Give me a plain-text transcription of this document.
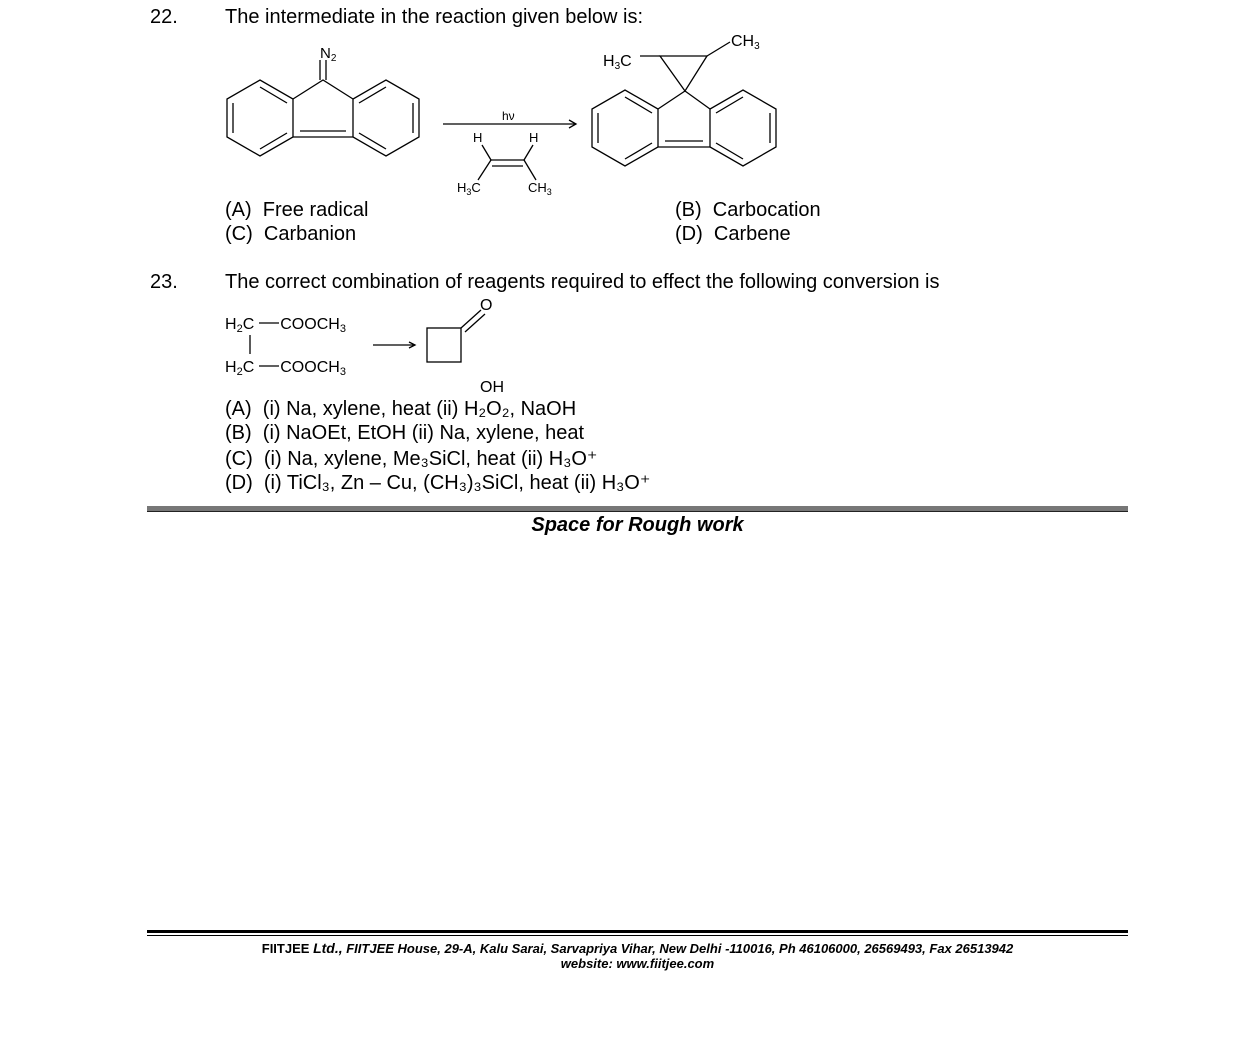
22. The intermediate in the reaction given below is:
$N_2$
hν
H	H
$H_3C$	$CH_3$
H3C
CH3
(A) Free radical	(B) Carbocation
(C) Carbanion	(D) Carbene
23. The correct combination of reagents required to effect the following conversion is
H2C COOCH3
H2C COOCH3
O
OH
(A) (i) Na, xylene, heat (ii) H₂O₂, NaOH
(B) (i) NaOEt, EtOH (ii) Na, xylene, heat
(C) (i) Na, xylene, Me₃SiCl, heat (ii) H₃O⁺
(D) (i) TiCl₃, Zn – Cu, (CH₃)₃SiCl, heat (ii) H₃O⁺
Space for Rough work
FIITJEE Ltd., FIITJEE House, 29-A, Kalu Sarai, Sarvapriya Vihar, New Delhi -110016, Ph 46106000, 26569493, Fax 26513942
website: www.fiitjee.com
